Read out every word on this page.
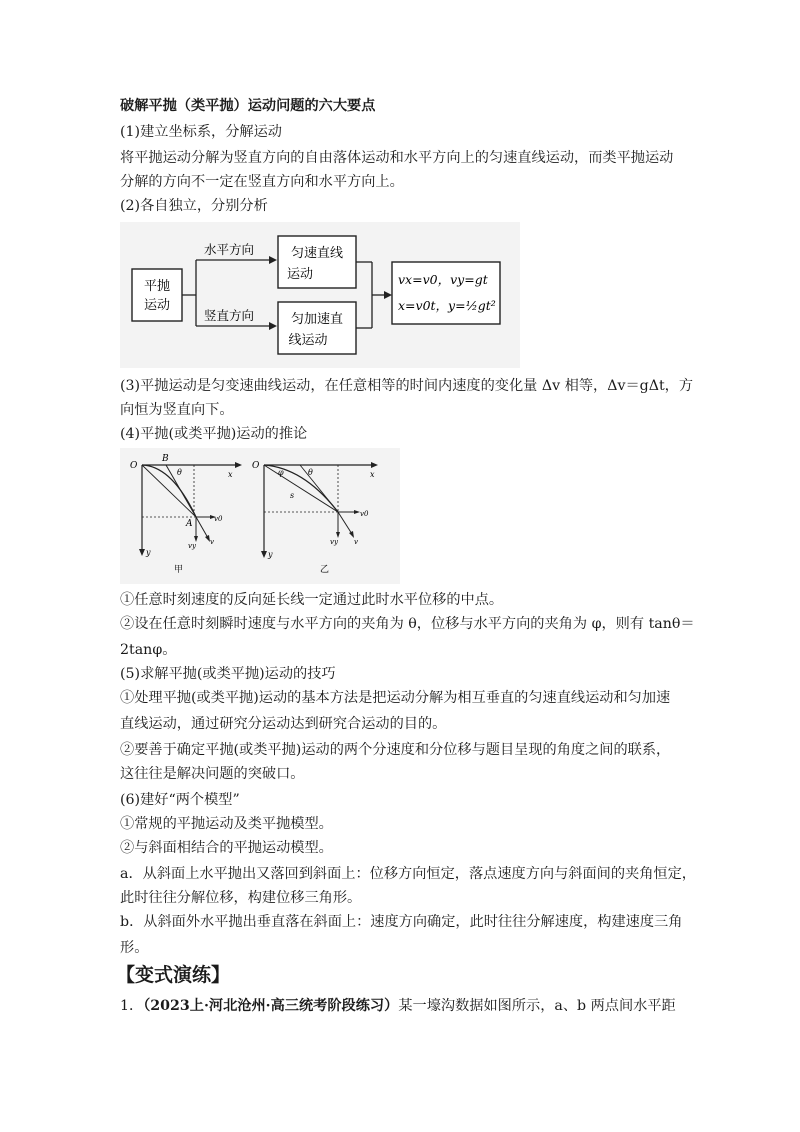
破解平抛（类平抛）运动问题的六大要点
(1)建立坐标系，分解运动
将平抛运动分解为竖直方向的自由落体运动和水平方向上的匀速直线运动，而类平抛运动
分解的方向不一定在竖直方向和水平方向上。
(2)各自独立，分别分析
平抛
运动
水平方向
竖直方向
匀速直线
运动
匀加速直
线运动
vx=v0，vy=gt
x=v0t，y=½gt²
(3)平抛运动是匀变速曲线运动，在任意相等的时间内速度的变化量 Δv 相等，Δv＝gΔt，方
向恒为竖直向下。
(4)平抛(或类平抛)运动的推论
O
x
y
B
θ
A	v0
vy v
甲
O
x
y
φ	θ
s
v0
vy v
乙
①任意时刻速度的反向延长线一定通过此时水平位移的中点。
②设在任意时刻瞬时速度与水平方向的夹角为 θ，位移与水平方向的夹角为 φ，则有 tanθ＝
2tanφ。
(5)求解平抛(或类平抛)运动的技巧
①处理平抛(或类平抛)运动的基本方法是把运动分解为相互垂直的匀速直线运动和匀加速
直线运动，通过研究分运动达到研究合运动的目的。
②要善于确定平抛(或类平抛)运动的两个分速度和分位移与题目呈现的角度之间的联系，
这往往是解决问题的突破口。
(6)建好“两个模型”
①常规的平抛运动及类平抛模型。
②与斜面相结合的平抛运动模型。
a．从斜面上水平抛出又落回到斜面上：位移方向恒定，落点速度方向与斜面间的夹角恒定，
此时往往分解位移，构建位移三角形。
b．从斜面外水平抛出垂直落在斜面上：速度方向确定，此时往往分解速度，构建速度三角
形。
【变式演练】
1．（2023上·河北沧州·高三统考阶段练习）某一壕沟数据如图所示，a、b 两点间水平距
